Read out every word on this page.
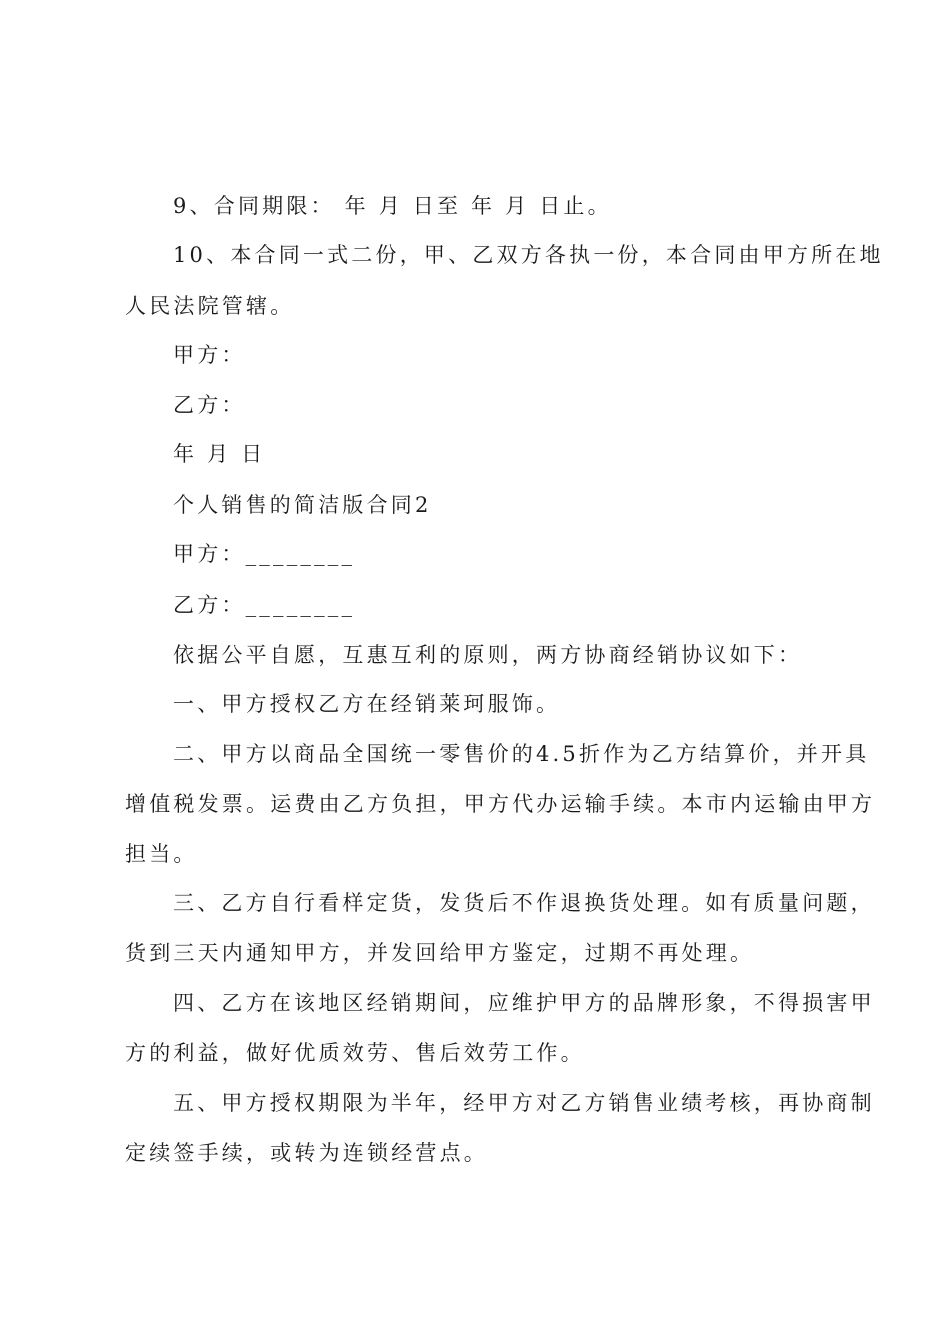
9、合同期限： 年 月 日至 年 月 日止。
10、本合同一式二份，甲、乙双方各执一份，本合同由甲方所在地
人民法院管辖。
甲方：
乙方：
年 月 日
个人销售的简洁版合同2
甲方：________
乙方：________
依据公平自愿，互惠互利的原则，两方协商经销协议如下：
一、甲方授权乙方在经销莱珂服饰。
二、甲方以商品全国统一零售价的4.5折作为乙方结算价，并开具
增值税发票。运费由乙方负担，甲方代办运输手续。本市内运输由甲方
担当。
三、乙方自行看样定货，发货后不作退换货处理。如有质量问题，
货到三天内通知甲方，并发回给甲方鉴定，过期不再处理。
四、乙方在该地区经销期间，应维护甲方的品牌形象，不得损害甲
方的利益，做好优质效劳、售后效劳工作。
五、甲方授权期限为半年，经甲方对乙方销售业绩考核，再协商制
定续签手续，或转为连锁经营点。
